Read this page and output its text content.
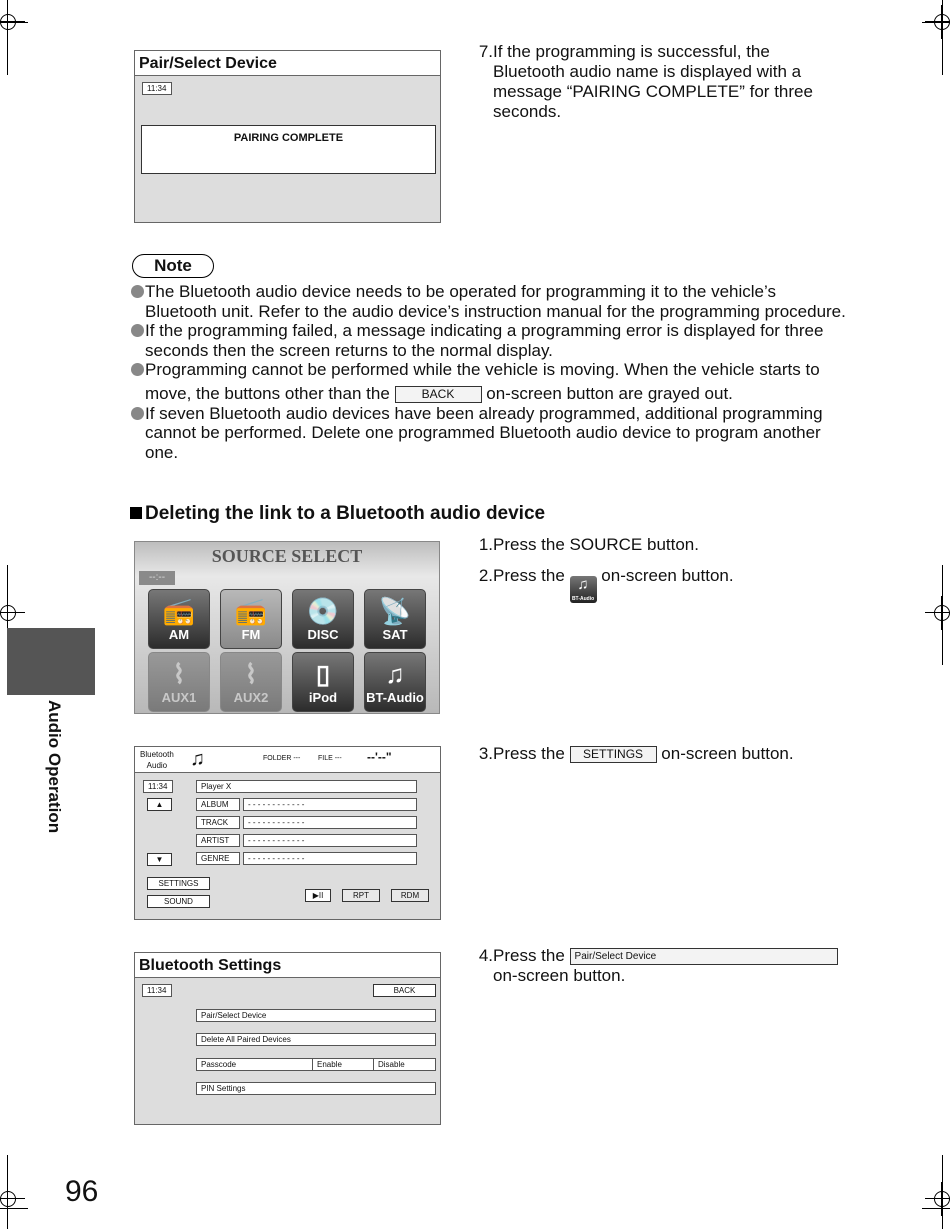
Audio Operation
Pair/Select Device
11:34
PAIRING COMPLETE
7. If the programming is successful, the Bluetooth audio name is displayed with a message “PAIRING COMPLETE” for three seconds.
Note
The Bluetooth audio device needs to be operated for programming it to the vehicle’s Bluetooth unit. Refer to the audio device’s instruction manual for the programming procedure.
If the programming failed, a message indicating a programming error is displayed for three seconds then the screen returns to the normal display.
Programming cannot be performed while the vehicle is moving. When the vehicle starts to
move, the buttons other than the	BACK on-screen button are grayed out.
If seven Bluetooth audio devices have been already programmed, additional programming cannot be performed. Delete one programmed Bluetooth audio device to program another one.
Deleting the link to a Bluetooth audio device
SOURCE SELECT
--:--
📻
AM
📻
FM
💿
DISC
📡
SAT
⌇
AUX1
⌇
AUX2
▯
iPod
♫
BT-Audio
1. Press the SOURCE button.
2. Press the ♫
BT-Audio
on-screen button.
Bluetooth
Audio	♫	FOLDER ---	FILE --- --'--"
11:34	Player X
▲
▼
ALBUM	- - - - - - - - - - - -
TRACK	- - - - - - - - - - - -
ARTIST	- - - - - - - - - - - -
GENRE	- - - - - - - - - - - -
SETTINGS
SOUND
▶II	RPT	RDM
3. Press the SETTINGS on-screen button.
Bluetooth Settings
11:34	BACK
Pair/Select Device
Delete All Paired Devices
Passcode	Enable	Disable
PIN Settings
4. Press the Pair/Select Device
on-screen button.
96
